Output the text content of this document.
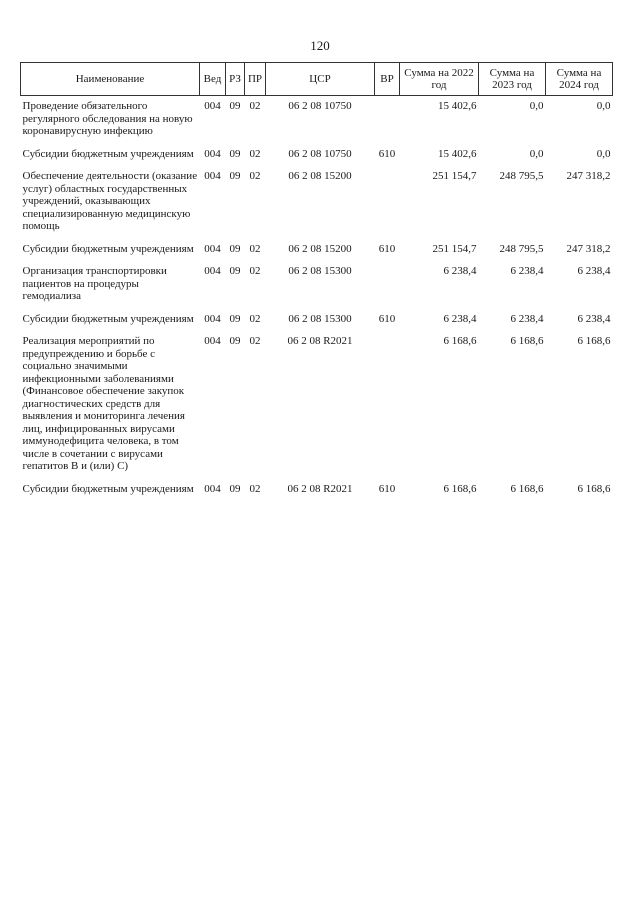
120
Наименование	Вед	РЗ	ПР	ЦСР	ВР	Сумма на 2022 год	Сумма на 2023 год	Сумма на 2024 год
Проведение обязательного регулярного обследования на новую коронавирусную инфекцию	004	09	02	06 2 08 10750		15 402,6	0,0	0,0
Субсидии бюджетным учреждениям	004	09	02	06 2 08 10750	610	15 402,6	0,0	0,0
Обеспечение деятельности (оказание услуг) областных государственных учреждений, оказывающих специализированную медицинскую помощь	004	09	02	06 2 08 15200		251 154,7	248 795,5	247 318,2
Субсидии бюджетным учреждениям	004	09	02	06 2 08 15200	610	251 154,7	248 795,5	247 318,2
Организация транспортировки пациентов на процедуры гемодиализа	004	09	02	06 2 08 15300		6 238,4	6 238,4	6 238,4
Субсидии бюджетным учреждениям	004	09	02	06 2 08 15300	610	6 238,4	6 238,4	6 238,4
Реализация мероприятий по предупреждению и борьбе с социально значимыми инфекционными заболеваниями (Финансовое обеспечение закупок диагностических средств для выявления и мониторинга лечения лиц, инфицированных вирусами иммунодефицита человека, в том числе в сочетании с вирусами гепатитов В и (или) С)	004	09	02	06 2 08 R2021		6 168,6	6 168,6	6 168,6
Субсидии бюджетным учреждениям	004	09	02	06 2 08 R2021	610	6 168,6	6 168,6	6 168,6
